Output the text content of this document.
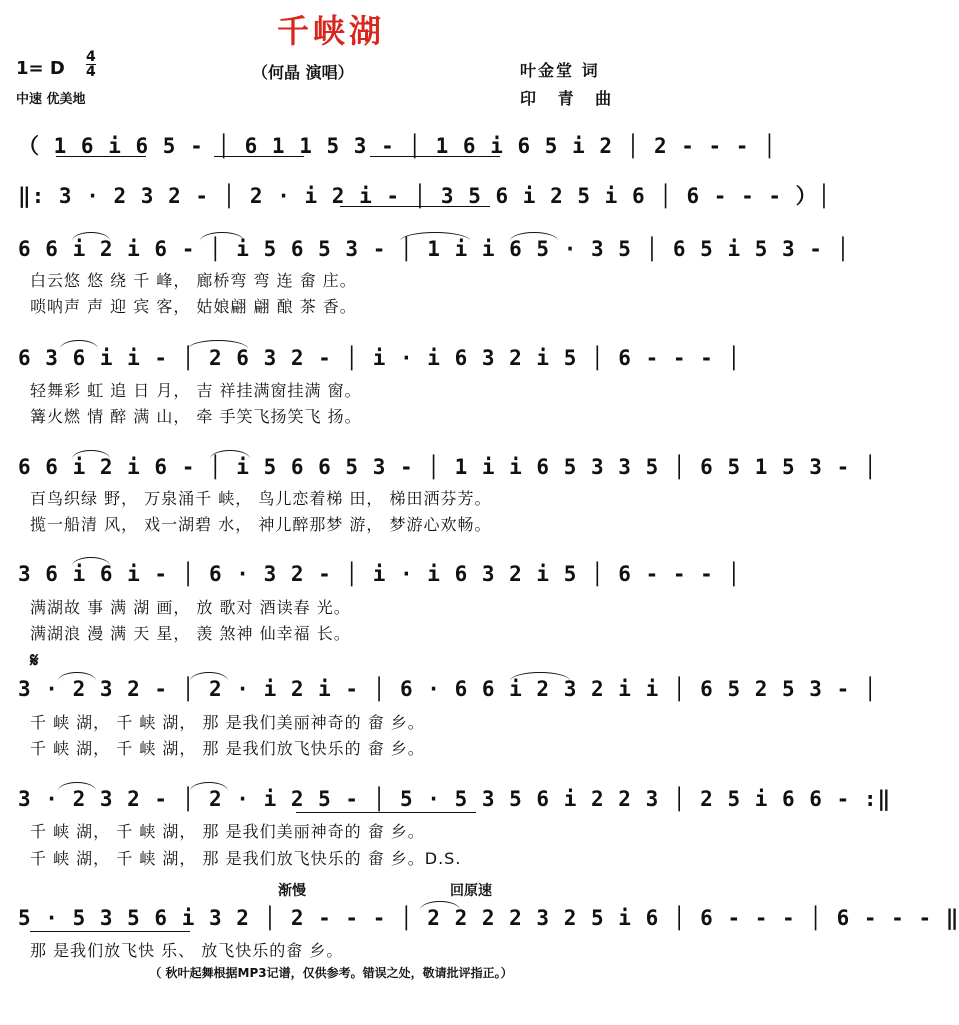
千峡湖
1= D
4
4
中速 优美地
（何晶 演唱）	叶金堂 词
印 青 曲
（ 1 6 i 6 5 - │ 6 1 1 5 3 - │ 1 6 i 6 5 i 2 │ 2 - - - │
‖: 3 · 2 3 2 - │ 2 · i 2 i - │ 3 5 6 i 2 5 i 6 │ 6 - - - ）│
6 6 i 2 i 6 - │ i 5 6 5 3 - │ 1 i i 6 5 · 3 5 │ 6 5 i 5 3 - │
白云悠 悠 绕 千 峰， 廊桥弯 弯 连 畲 庄。
唢呐声 声 迎 宾 客， 姑娘翩 翩 酿 茶 香。
6 3 6 i i - │ 2 6 3 2 - │ i · i 6 3 2 i 5 │ 6 - - - │
轻舞彩 虹 追 日 月， 吉 祥挂满窗挂满 窗。
篝火燃 情 醉 满 山， 牵 手笑飞扬笑飞 扬。
6 6 i 2 i 6 - │ i 5 6 6 5 3 - │ 1 i i 6 5 3 3 5 │ 6 5 1 5 3 - │
百鸟织绿 野， 万泉涌千 峡， 鸟儿恋着梯 田， 梯田洒芬芳。
揽一船清 风， 戏一湖碧 水， 神儿醉那梦 游， 梦游心欢畅。
3 6 i 6 i - │ 6 · 3 2 - │ i · i 6 3 2 i 5 │ 6 - - - │
满湖故 事 满 湖 画， 放 歌对 酒读春 光。
满湖浪 漫 满 天 星， 羡 煞神 仙幸福 长。
𝄋
3 · 2 3 2 - │ 2 · i 2 i - │ 6 · 6 6 i 2 3 2 i i │ 6 5 2 5 3 - │
千 峡 湖， 千 峡 湖， 那 是我们美丽神奇的 畲 乡。
千 峡 湖， 千 峡 湖， 那 是我们放飞快乐的 畲 乡。
3 · 2 3 2 - │ 2 · i 2 5 - │ 5 · 5 3 5 6 i 2 2 3 │ 2 5 i 6 6 - :‖
千 峡 湖， 千 峡 湖， 那 是我们美丽神奇的 畲 乡。
千 峡 湖， 千 峡 湖， 那 是我们放飞快乐的 畲 乡。D.S.
渐慢	回原速
5 · 5 3 5 6 i 3 2 │ 2 - - - │ 2 2 2 2 3 2 5 i 6 │ 6 - - - │ 6 - - - ‖
那 是我们放飞快 乐、 放飞快乐的畲 乡。
（ 秋叶起舞根据MP3记谱，仅供参考。错误之处，敬请批评指正。）
